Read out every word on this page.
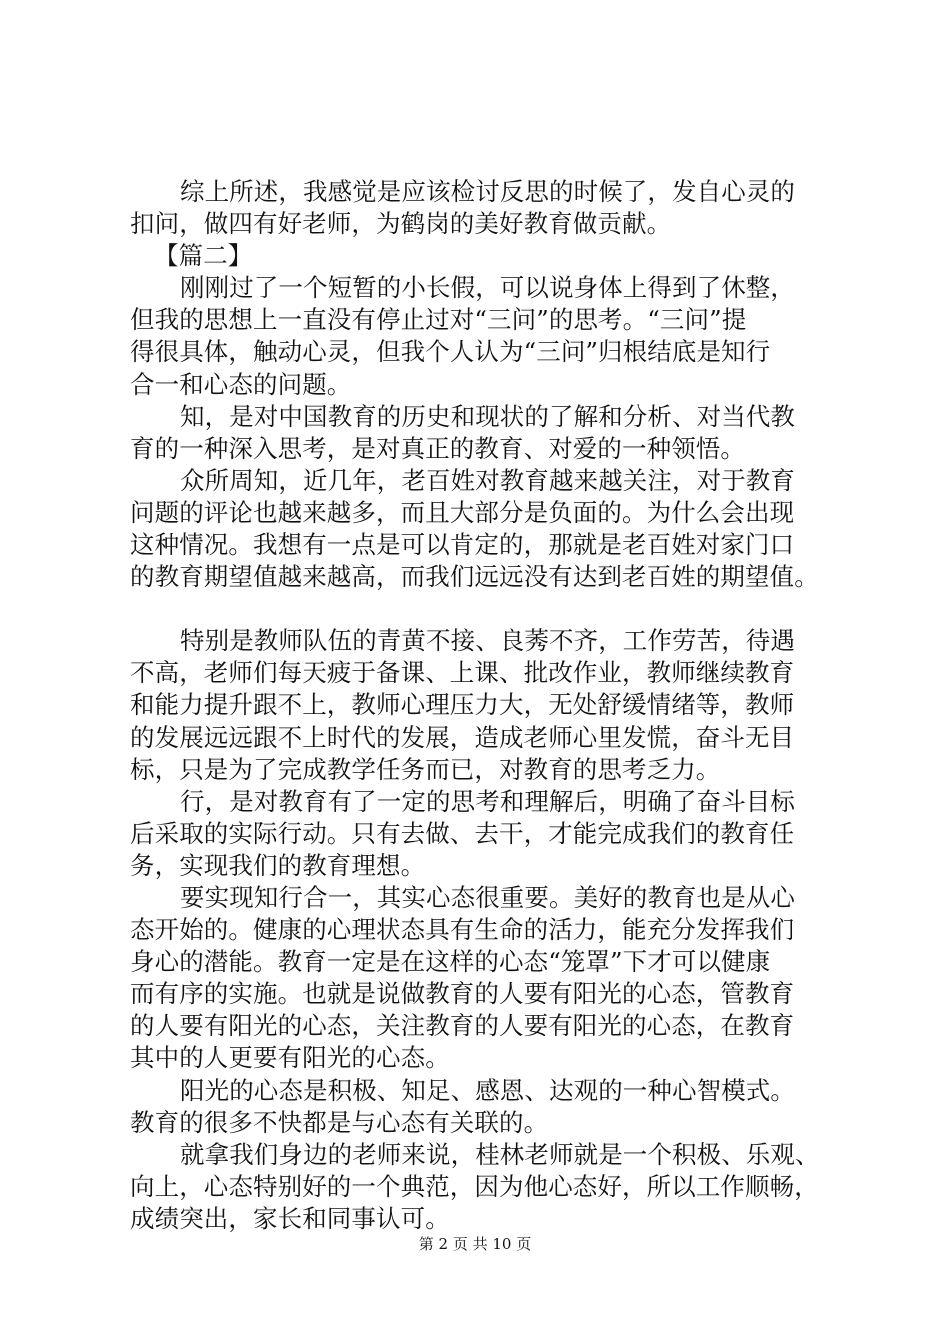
综上所述，我感觉是应该检讨反思的时候了，发自心灵的
扣问，做四有好老师，为鹤岗的美好教育做贡献。
【篇二】
刚刚过了一个短暂的小长假，可以说身体上得到了休整，
但我的思想上一直没有停止过对“三问”的思考。“三问”提
得很具体，触动心灵，但我个人认为“三问”归根结底是知行
合一和心态的问题。
知，是对中国教育的历史和现状的了解和分析、对当代教
育的一种深入思考，是对真正的教育、对爱的一种领悟。
众所周知，近几年，老百姓对教育越来越关注，对于教育
问题的评论也越来越多，而且大部分是负面的。为什么会出现
这种情况。我想有一点是可以肯定的，那就是老百姓对家门口
的教育期望值越来越高，而我们远远没有达到老百姓的期望值。
特别是教师队伍的青黄不接、良莠不齐，工作劳苦，待遇
不高，老师们每天疲于备课、上课、批改作业，教师继续教育
和能力提升跟不上，教师心理压力大，无处舒缓情绪等，教师
的发展远远跟不上时代的发展，造成老师心里发慌，奋斗无目
标，只是为了完成教学任务而已，对教育的思考乏力。
行，是对教育有了一定的思考和理解后，明确了奋斗目标
后采取的实际行动。只有去做、去干，才能完成我们的教育任
务，实现我们的教育理想。
要实现知行合一，其实心态很重要。美好的教育也是从心
态开始的。健康的心理状态具有生命的活力，能充分发挥我们
身心的潜能。教育一定是在这样的心态“笼罩”下才可以健康
而有序的实施。也就是说做教育的人要有阳光的心态，管教育
的人要有阳光的心态，关注教育的人要有阳光的心态，在教育
其中的人更要有阳光的心态。
阳光的心态是积极、知足、感恩、达观的一种心智模式。
教育的很多不快都是与心态有关联的。
就拿我们身边的老师来说，桂林老师就是一个积极、乐观、
向上，心态特别好的一个典范，因为他心态好，所以工作顺畅，
成绩突出，家长和同事认可。
第 2 页 共 10 页
